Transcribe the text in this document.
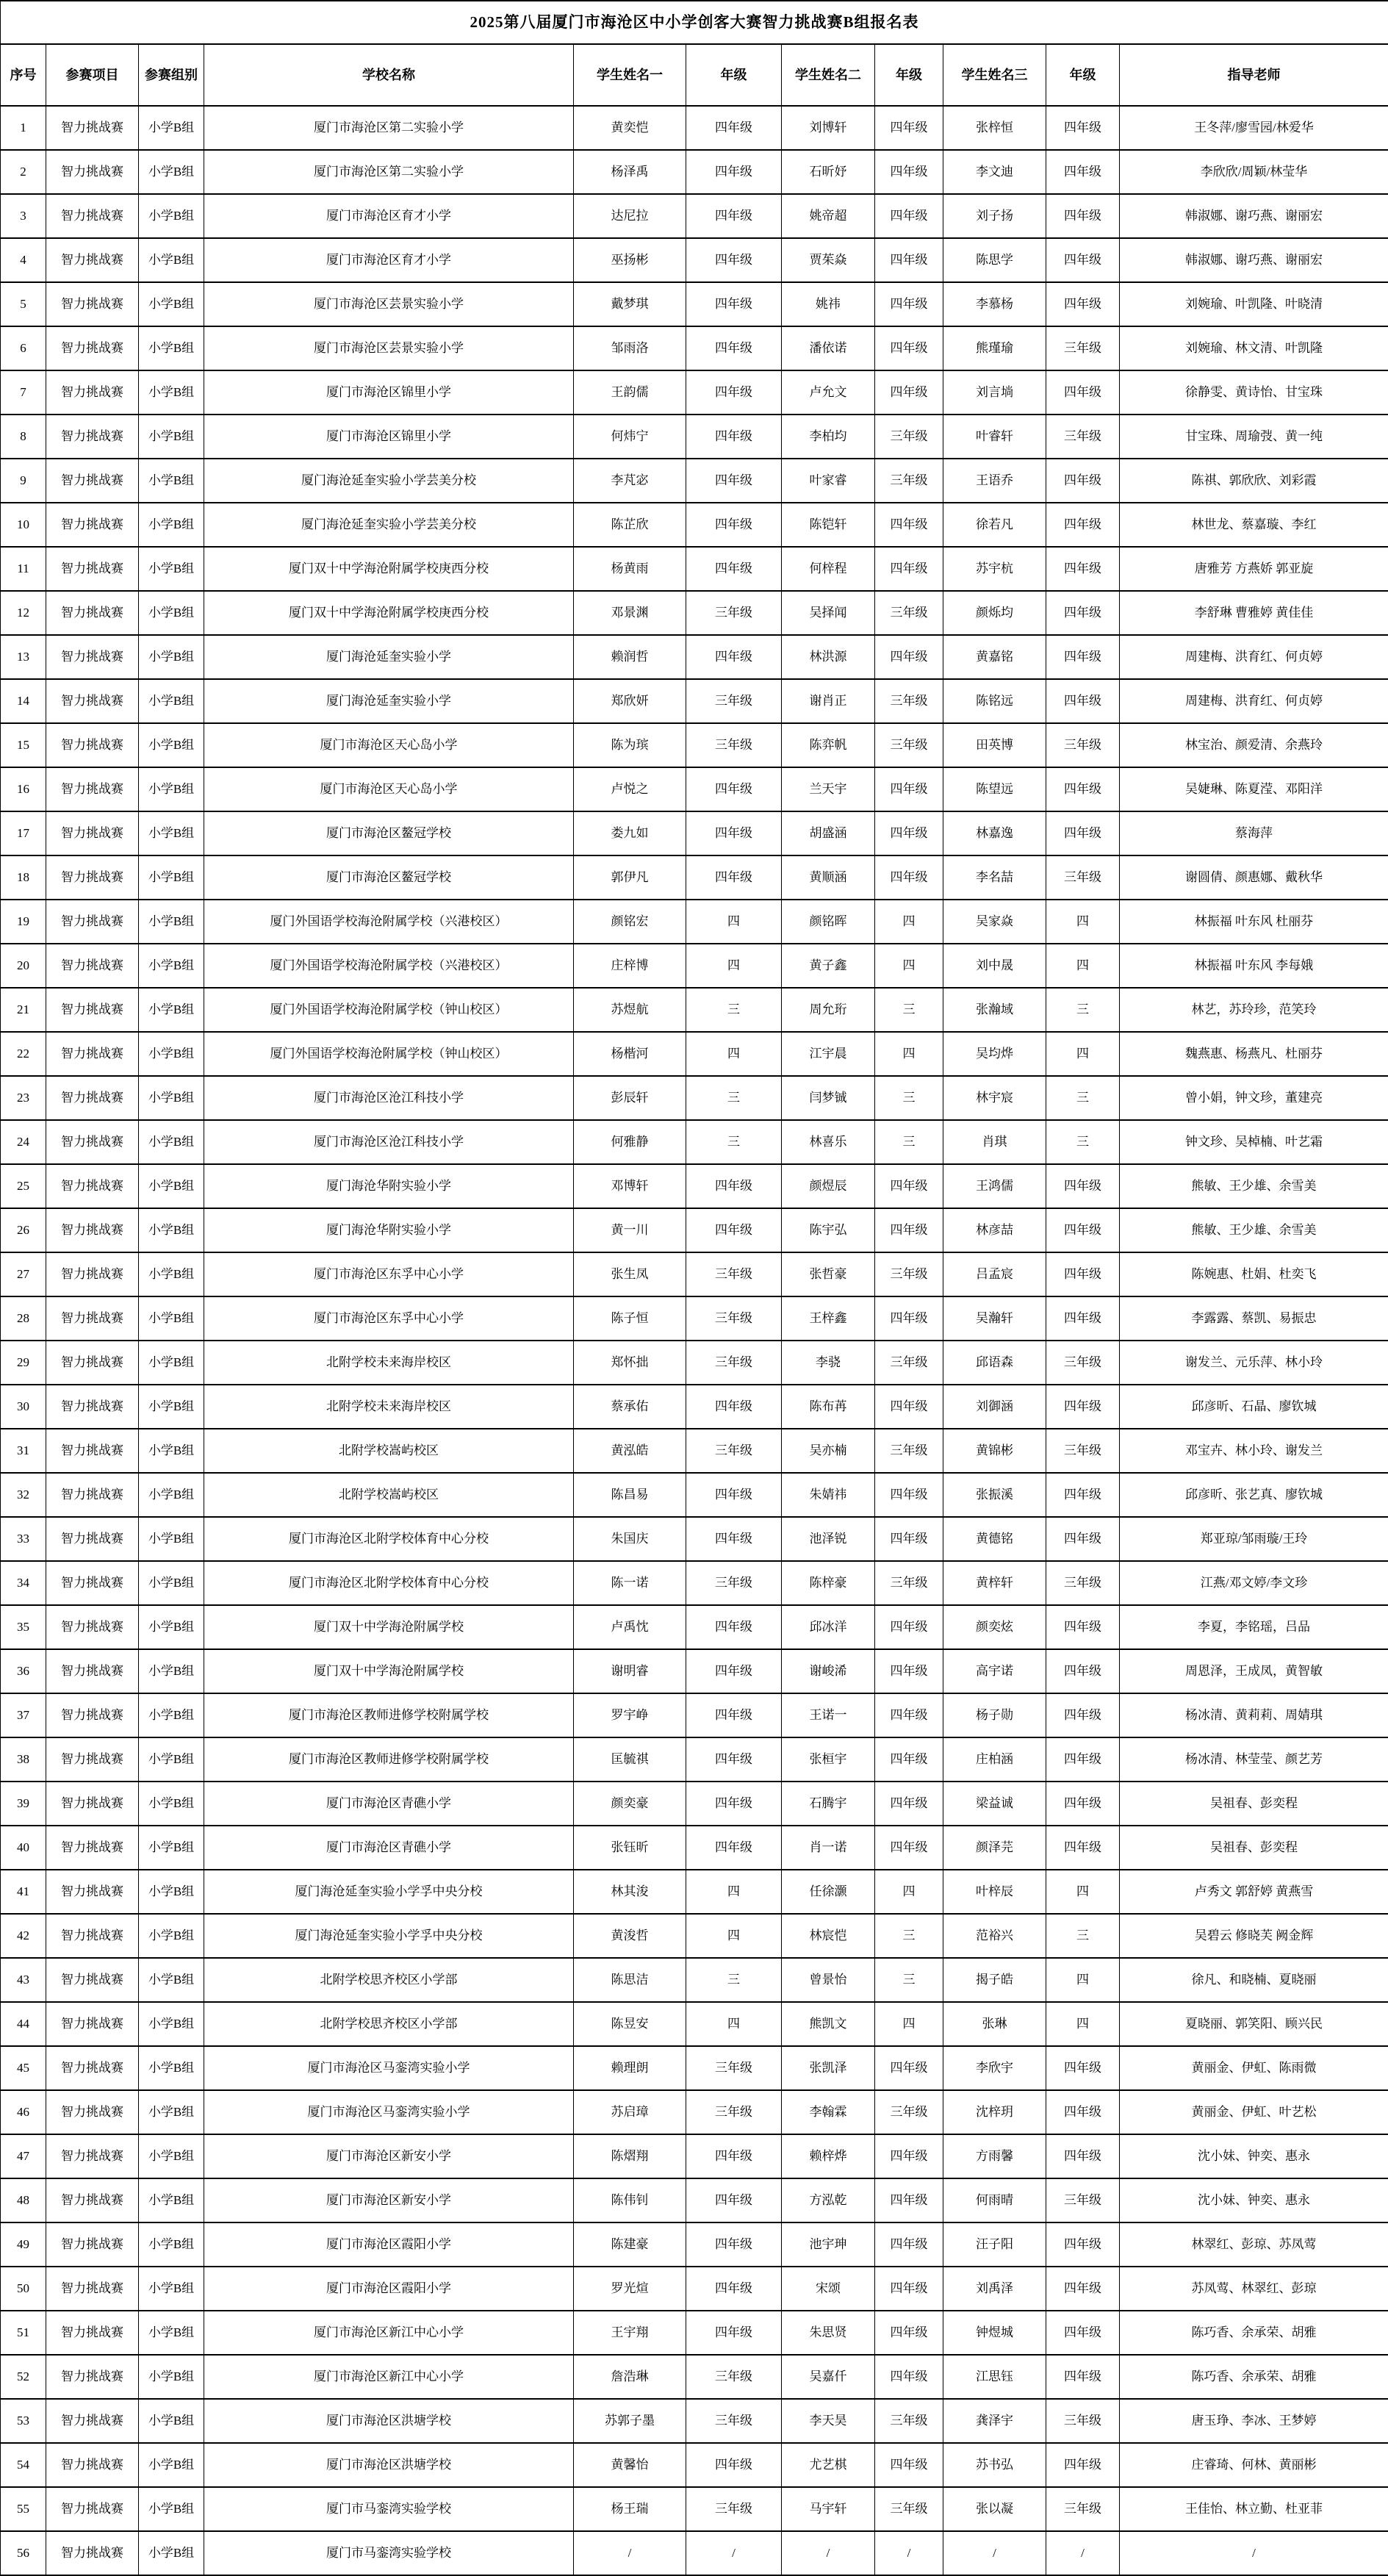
2025第八届厦门市海沧区中小学创客大赛智力挑战赛B组报名表										
序号	参赛项目	参赛组别	学校名称	学生姓名一	年级	学生姓名二	年级	学生姓名三	年级	指导老师
1	智力挑战赛	小学B组	厦门市海沧区第二实验小学	黄奕恺	四年级	刘博轩	四年级	张梓恒	四年级	王冬萍/廖雪园/林爱华
2	智力挑战赛	小学B组	厦门市海沧区第二实验小学	杨泽禹	四年级	石昕妤	四年级	李文迪	四年级	李欣欣/周颖/林莹华
3	智力挑战赛	小学B组	厦门市海沧区育才小学	达尼拉	四年级	姚帝超	四年级	刘子扬	四年级	韩淑娜、谢巧燕、谢丽宏
4	智力挑战赛	小学B组	厦门市海沧区育才小学	巫扬彬	四年级	贾茱焱	四年级	陈思学	四年级	韩淑娜、谢巧燕、谢丽宏
5	智力挑战赛	小学B组	厦门市海沧区芸景实验小学	戴梦琪	四年级	姚祎	四年级	李慕杨	四年级	刘婉瑜、叶凯隆、叶晓清
6	智力挑战赛	小学B组	厦门市海沧区芸景实验小学	邹雨洛	四年级	潘依诺	四年级	熊瑾瑜	三年级	刘婉瑜、林文清、叶凯隆
7	智力挑战赛	小学B组	厦门市海沧区锦里小学	王韵儒	四年级	卢允文	四年级	刘言埫	四年级	徐静雯、黄诗怡、甘宝珠
8	智力挑战赛	小学B组	厦门市海沧区锦里小学	何炜宁	四年级	李柏均	三年级	叶睿轩	三年级	甘宝珠、周瑜弢、黄一纯
9	智力挑战赛	小学B组	厦门海沧延奎实验小学芸美分校	李芃宓	四年级	叶家睿	三年级	王语乔	四年级	陈祺、郭欣欣、刘彩霞
10	智力挑战赛	小学B组	厦门海沧延奎实验小学芸美分校	陈芷欣	四年级	陈铠轩	四年级	徐若凡	四年级	林世龙、蔡嘉璇、李红
11	智力挑战赛	小学B组	厦门双十中学海沧附属学校庚西分校	杨黄雨	四年级	何梓程	四年级	苏宇杭	四年级	唐雅芳 方燕娇 郭亚旋
12	智力挑战赛	小学B组	厦门双十中学海沧附属学校庚西分校	邓景渊	三年级	吴择闻	三年级	颜烁均	四年级	李舒琳 曹雅婷 黄佳佳
13	智力挑战赛	小学B组	厦门海沧延奎实验小学	赖润哲	四年级	林洪源	四年级	黄嘉铭	四年级	周建梅、洪育红、何贞婷
14	智力挑战赛	小学B组	厦门海沧延奎实验小学	郑欣妍	三年级	谢肖正	三年级	陈铭远	四年级	周建梅、洪育红、何贞婷
15	智力挑战赛	小学B组	厦门市海沧区天心岛小学	陈为瑸	三年级	陈弈帆	三年级	田英博	三年级	林宝治、颜爱清、余燕玲
16	智力挑战赛	小学B组	厦门市海沧区天心岛小学	卢悦之	四年级	兰天宇	四年级	陈望远	四年级	吴婕琳、陈夏滢、邓阳洋
17	智力挑战赛	小学B组	厦门市海沧区鳌冠学校	娄九如	四年级	胡盛涵	四年级	林嘉逸	四年级	蔡海萍
18	智力挑战赛	小学B组	厦门市海沧区鳌冠学校	郭伊凡	四年级	黄顺涵	四年级	李名喆	三年级	谢圆倩、颜惠娜、戴秋华
19	智力挑战赛	小学B组	厦门外国语学校海沧附属学校（兴港校区）	颜铭宏	四	颜铭晖	四	吴家焱	四	林振福 叶东风 杜丽芬
20	智力挑战赛	小学B组	厦门外国语学校海沧附属学校（兴港校区）	庄梓博	四	黄子鑫	四	刘中晟	四	林振福 叶东风 李每娥
21	智力挑战赛	小学B组	厦门外国语学校海沧附属学校（钟山校区）	苏煜航	三	周允珩	三	张瀚域	三	林艺，苏玲珍，范笑玲
22	智力挑战赛	小学B组	厦门外国语学校海沧附属学校（钟山校区）	杨楷河	四	江宇晨	四	吴均烨	四	魏燕惠、杨燕凡、杜丽芬
23	智力挑战赛	小学B组	厦门市海沧区沧江科技小学	彭辰轩	三	闫梦铖	三	林宇宸	三	曾小娟，钟文珍，董建亮
24	智力挑战赛	小学B组	厦门市海沧区沧江科技小学	何雅静	三	林喜乐	三	肖琪	三	钟文珍、吴棹楠、叶艺霜
25	智力挑战赛	小学B组	厦门海沧华附实验小学	邓博轩	四年级	颜煜辰	四年级	王鸿儒	四年级	熊敏、王少雄、余雪美
26	智力挑战赛	小学B组	厦门海沧华附实验小学	黄一川	四年级	陈宇弘	四年级	林彦喆	四年级	熊敏、王少雄、余雪美
27	智力挑战赛	小学B组	厦门市海沧区东孚中心小学	张生凤	三年级	张哲豪	三年级	吕孟宸	四年级	陈婉惠、杜娟、杜奕飞
28	智力挑战赛	小学B组	厦门市海沧区东孚中心小学	陈子恒	三年级	王梓鑫	四年级	吴瀚轩	四年级	李露露、蔡凯、易振忠
29	智力挑战赛	小学B组	北附学校未来海岸校区	郑怀拙	三年级	李骁	三年级	邱语森	三年级	谢发兰、元乐萍、林小玲
30	智力挑战赛	小学B组	北附学校未来海岸校区	蔡承佑	四年级	陈布苒	四年级	刘御涵	四年级	邱彦昕、石晶、廖钦城
31	智力挑战赛	小学B组	北附学校嵩屿校区	黄泓皓	三年级	吴亦楠	三年级	黄锦彬	三年级	邓宝卉、林小玲、谢发兰
32	智力挑战赛	小学B组	北附学校嵩屿校区	陈昌易	四年级	朱婧祎	四年级	张振溪	四年级	邱彦昕、张艺真、廖钦城
33	智力挑战赛	小学B组	厦门市海沧区北附学校体育中心分校	朱国庆	四年级	池泽锐	四年级	黄德铭	四年级	郑亚琼/邹雨璇/王玲
34	智力挑战赛	小学B组	厦门市海沧区北附学校体育中心分校	陈一诺	三年级	陈梓豪	三年级	黄梓轩	三年级	江燕/邓文婷/李文珍
35	智力挑战赛	小学B组	厦门双十中学海沧附属学校	卢禹忱	四年级	邱冰洋	四年级	颜奕炫	四年级	李夏，李铭瑶，吕品
36	智力挑战赛	小学B组	厦门双十中学海沧附属学校	谢明睿	四年级	谢峻浠	四年级	高宇诺	四年级	周恩泽，王成凤，黄智敏
37	智力挑战赛	小学B组	厦门市海沧区教师进修学校附属学校	罗宇峥	四年级	王诺一	四年级	杨子勋	四年级	杨冰清、黄莉莉、周婧琪
38	智力挑战赛	小学B组	厦门市海沧区教师进修学校附属学校	匡毓祺	四年级	张桓宇	四年级	庄柏涵	四年级	杨冰清、林莹莹、颜艺芳
39	智力挑战赛	小学B组	厦门市海沧区青礁小学	颜奕豪	四年级	石腾宇	四年级	梁益诚	四年级	吴祖春、彭奕程
40	智力挑战赛	小学B组	厦门市海沧区青礁小学	张钰昕	四年级	肖一诺	四年级	颜泽芫	四年级	吴祖春、彭奕程
41	智力挑战赛	小学B组	厦门海沧延奎实验小学孚中央分校	林其浚	四	任徐灏	四	叶梓辰	四	卢秀文 郭舒婷 黄燕雪
42	智力挑战赛	小学B组	厦门海沧延奎实验小学孚中央分校	黄浚哲	四	林宸恺	三	范裕兴	三	吴碧云 修晓芙 阙金辉
43	智力挑战赛	小学B组	北附学校思齐校区小学部	陈思洁	三	曾景怡	三	揭子皓	四	徐凡、和晓楠、夏晓丽
44	智力挑战赛	小学B组	北附学校思齐校区小学部	陈昱安	四	熊凯文	四	张琳	四	夏晓丽、郭笑阳、顾兴民
45	智力挑战赛	小学B组	厦门市海沧区马銮湾实验小学	赖理朗	三年级	张凯泽	四年级	李欣宇	四年级	黄丽金、伊虹、陈雨微
46	智力挑战赛	小学B组	厦门市海沧区马銮湾实验小学	苏启璋	三年级	李翰霖	三年级	沈梓玥	四年级	黄丽金、伊虹、叶艺松
47	智力挑战赛	小学B组	厦门市海沧区新安小学	陈熠翔	四年级	赖梓烨	四年级	方雨馨	四年级	沈小妹、钟奕、惠永
48	智力挑战赛	小学B组	厦门市海沧区新安小学	陈伟钊	四年级	方泓乾	四年级	何雨晴	三年级	沈小妹、钟奕、惠永
49	智力挑战赛	小学B组	厦门市海沧区霞阳小学	陈建豪	四年级	池宇珅	四年级	汪子阳	四年级	林翠红、彭琼、苏凤莺
50	智力挑战赛	小学B组	厦门市海沧区霞阳小学	罗光煊	四年级	宋颂	四年级	刘禹泽	四年级	苏凤莺、林翠红、彭琼
51	智力挑战赛	小学B组	厦门市海沧区新江中心小学	王宇翔	四年级	朱思贤	四年级	钟煜城	四年级	陈巧香、余承荣、胡雅
52	智力挑战赛	小学B组	厦门市海沧区新江中心小学	詹浩琳	三年级	吴嘉仟	四年级	江思钰	四年级	陈巧香、余承荣、胡雅
53	智力挑战赛	小学B组	厦门市海沧区洪塘学校	苏郭子墨	三年级	李天昊	三年级	龚泽宇	三年级	唐玉琤、李冰、王梦婷
54	智力挑战赛	小学B组	厦门市海沧区洪塘学校	黄馨怡	四年级	尤艺棋	四年级	苏书弘	四年级	庄睿琦、何林、黄丽彬
55	智力挑战赛	小学B组	厦门市马銮湾实验学校	杨王瑞	三年级	马宇轩	三年级	张以凝	三年级	王佳怡、林立勤、杜亚菲
56	智力挑战赛	小学B组	厦门市马銮湾实验学校	/	/	/	/	/	/	/
